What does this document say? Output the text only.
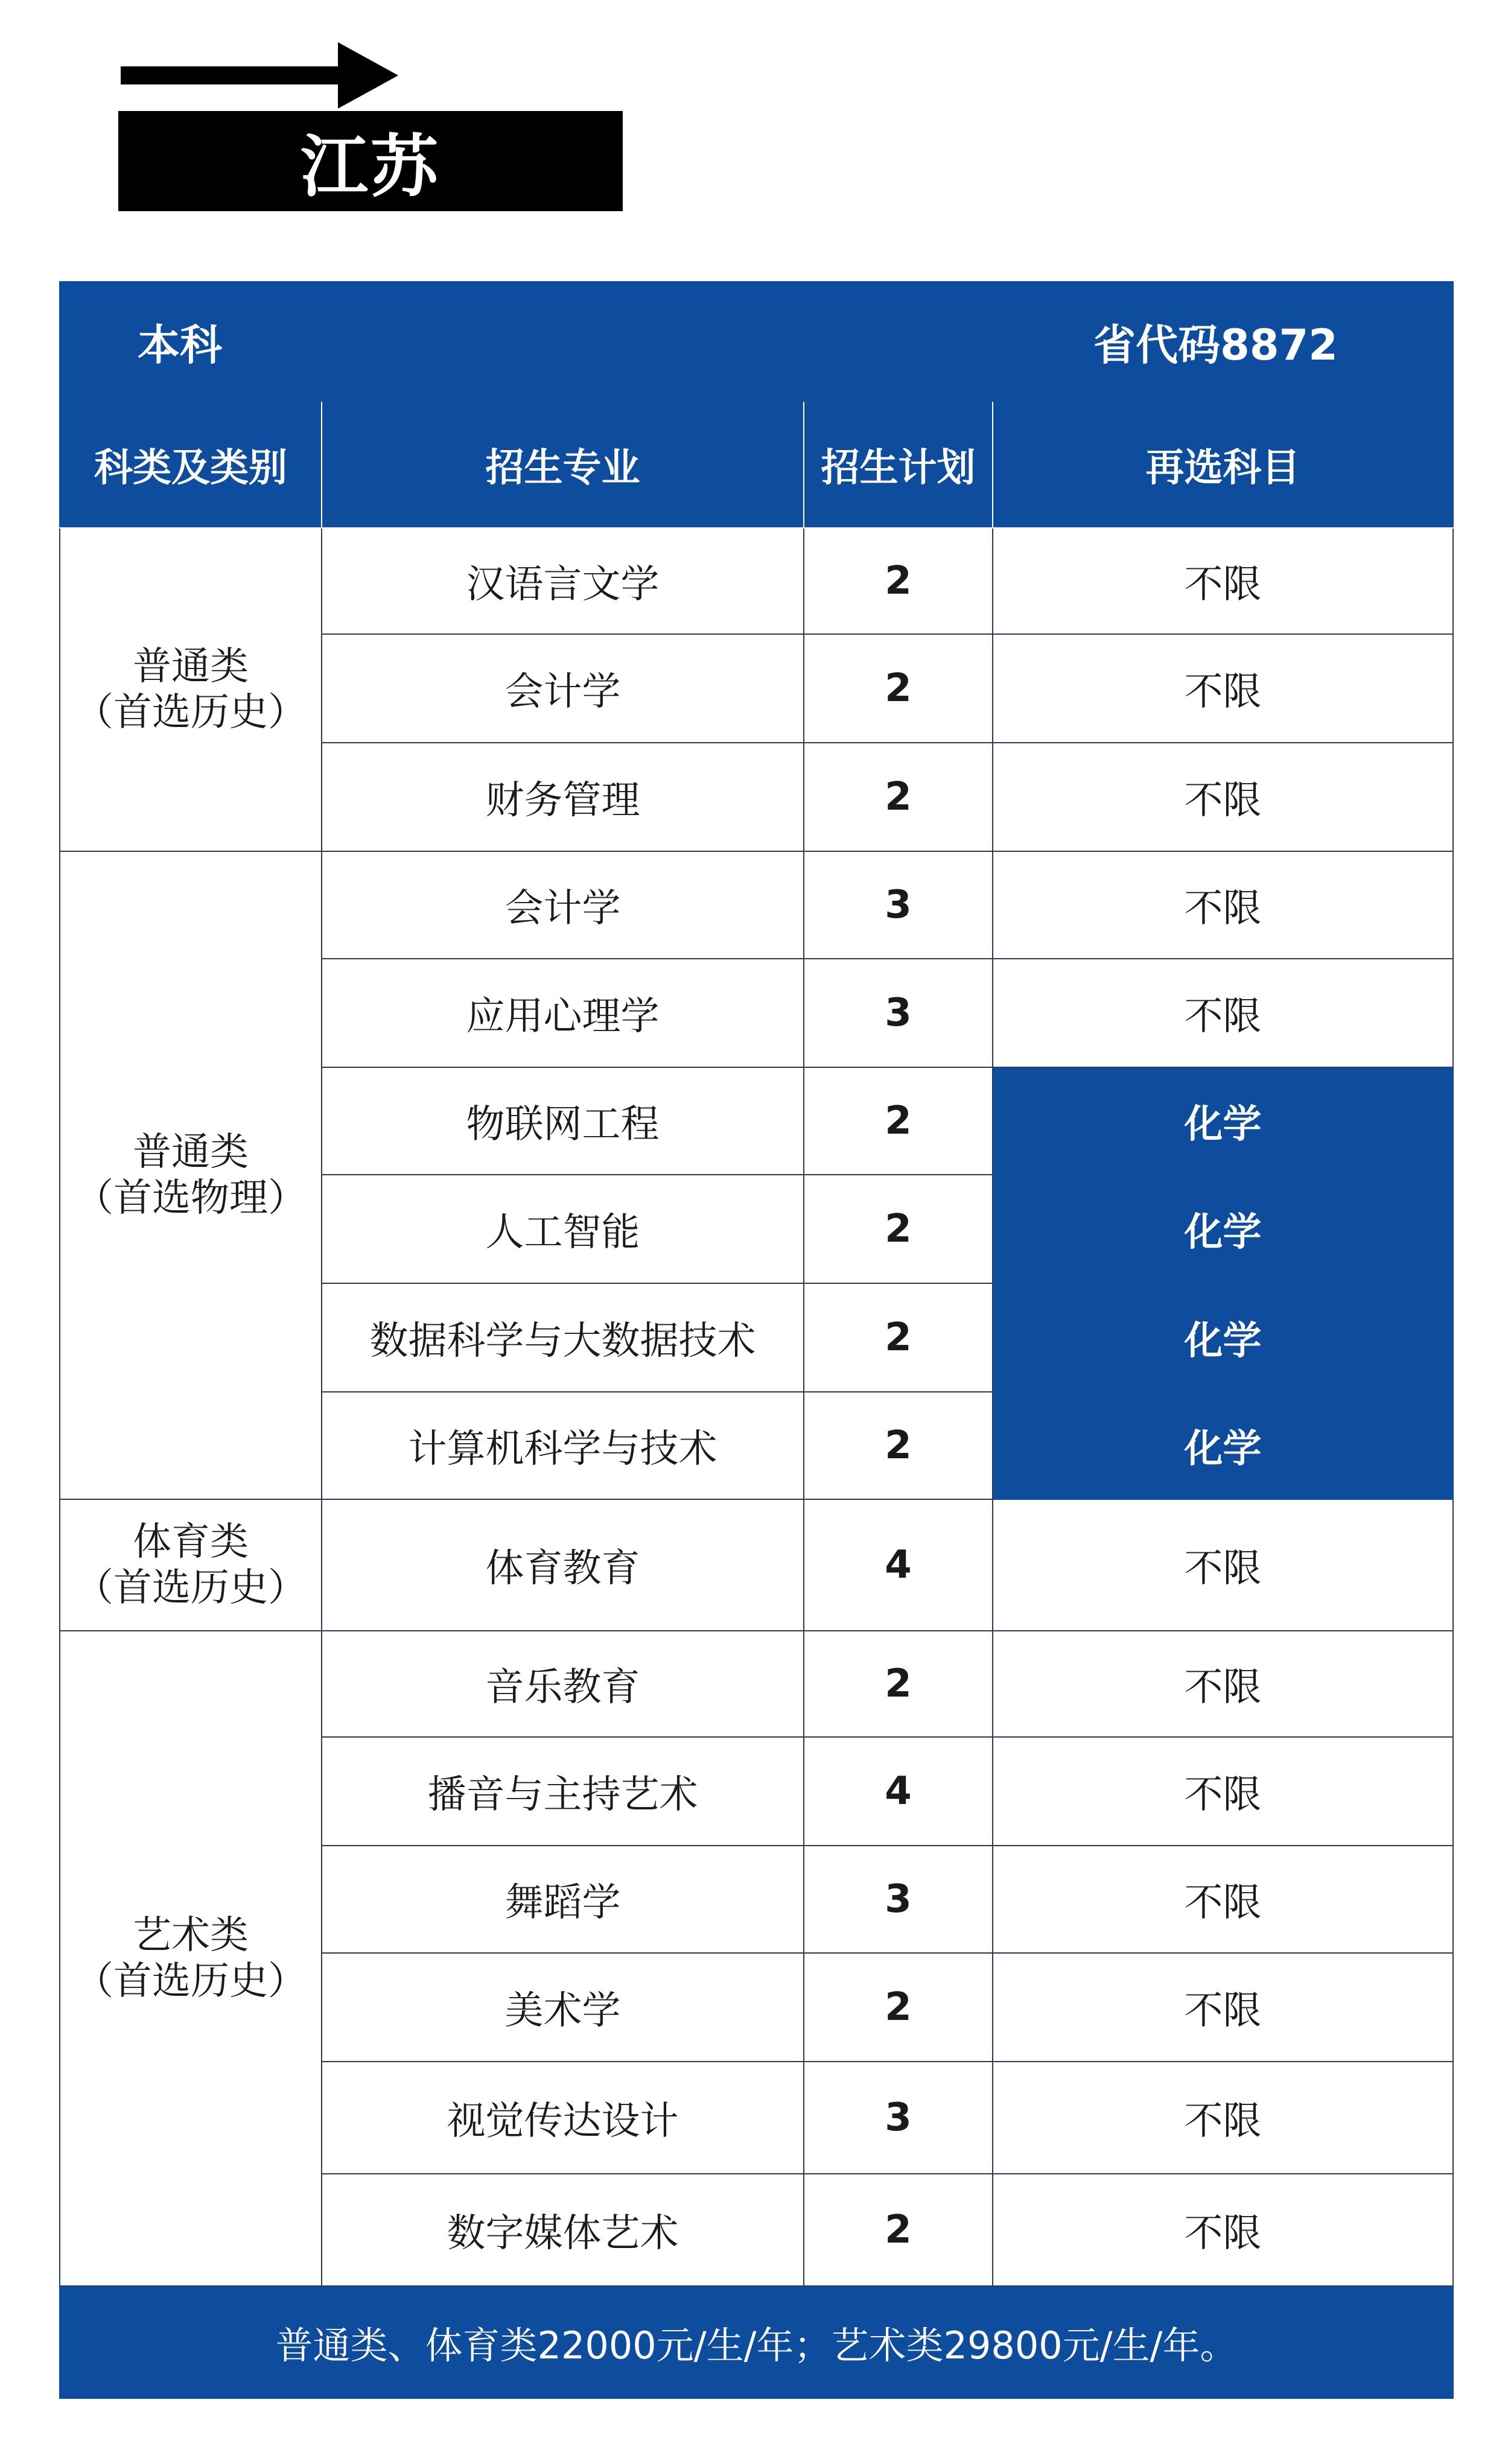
江苏
本科			省代码8872
科类及类别	招生专业	招生计划	再选科目

普通类
（首选历史）	汉语言文学	2	不限
	会计学	2	不限
	财务管理	2	不限

普通类
（首选物理）	会计学	3	不限
	应用心理学	3	不限
	物联网工程	2	化学
	人工智能	2	化学
	数据科学与大数据技术	2	化学
	计算机科学与技术	2	化学

体育类
（首选历史）	体育教育	4	不限

艺术类
（首选历史）	音乐教育	2	不限
	播音与主持艺术	4	不限
	舞蹈学	3	不限
	美术学	2	不限
	视觉传达设计	3	不限
	数字媒体艺术	2	不限
普通类、体育类22000元/生/年；艺术类29800元/生/年。			
